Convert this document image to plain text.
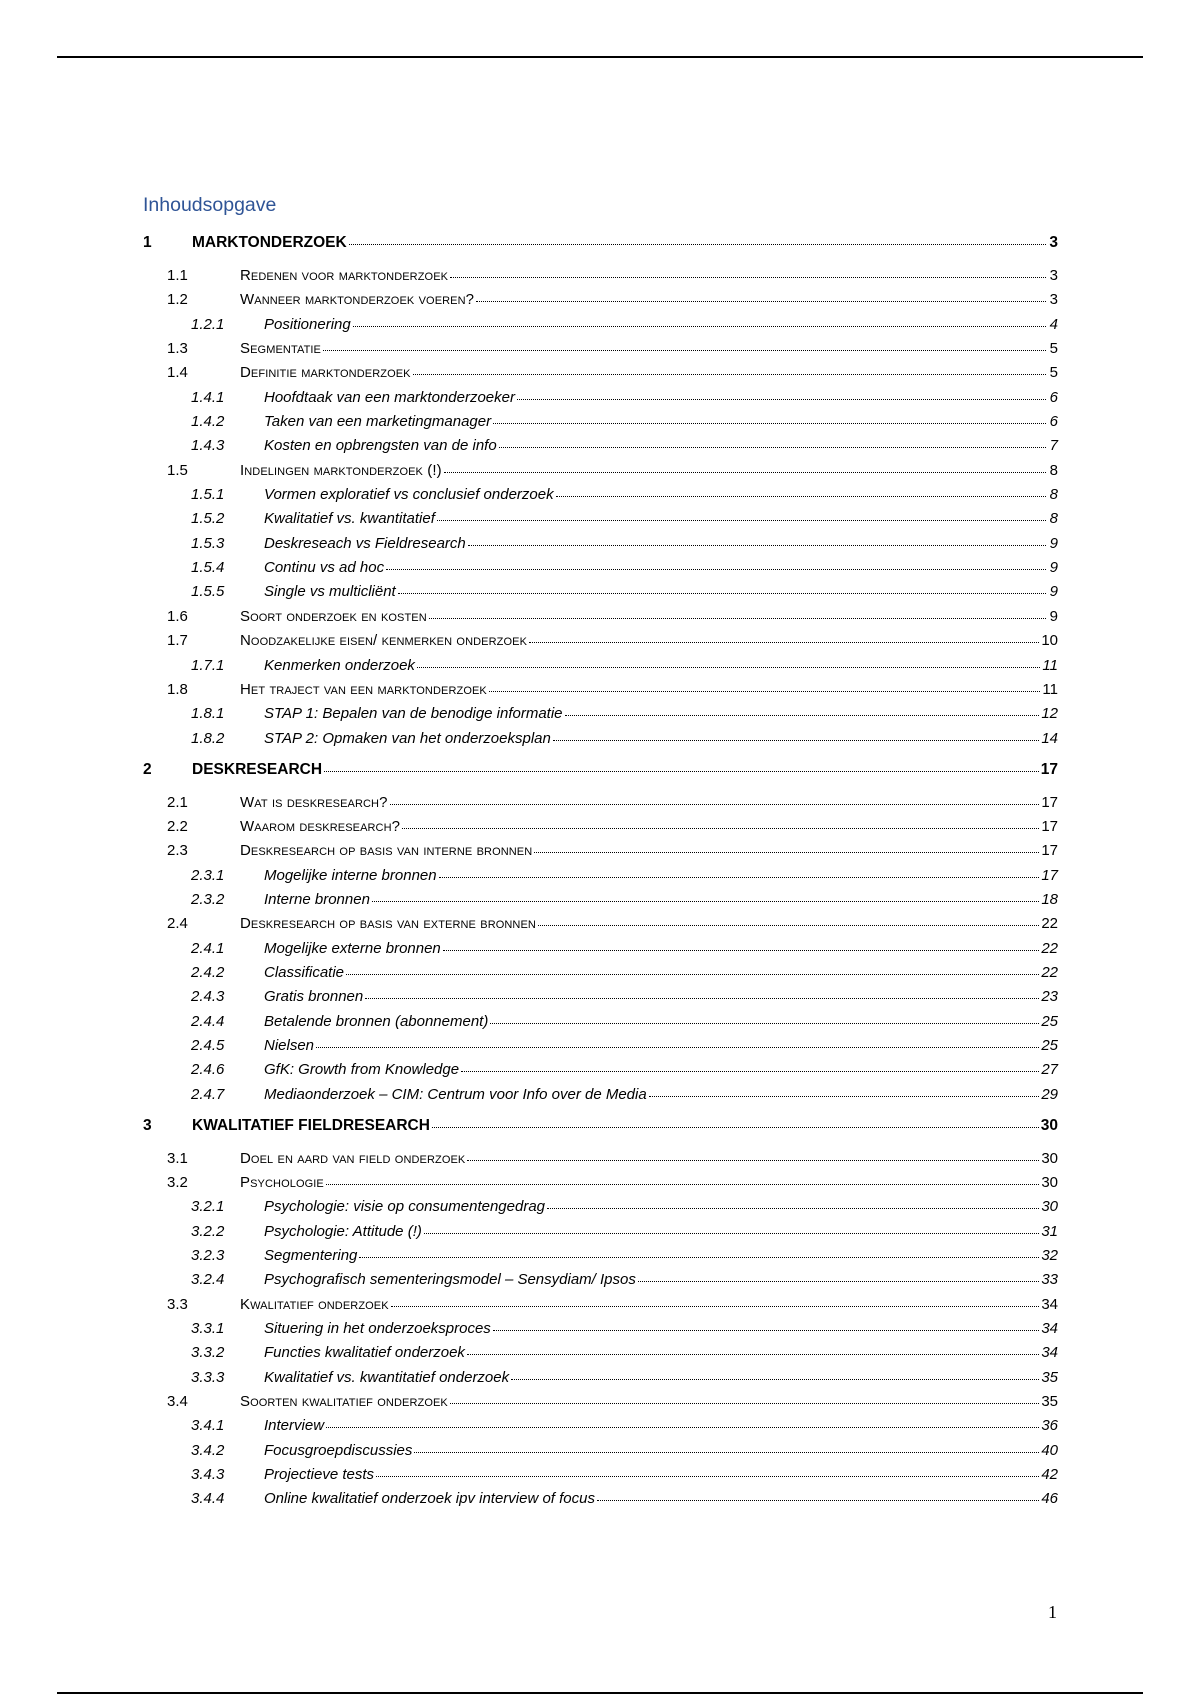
Inhoudsopgave
1	MARKTONDERZOEK	3
1.1	Redenen voor marktonderzoek	3
1.2	Wanneer marktonderzoek voeren?	3
1.2.1	Positionering	4
1.3	Segmentatie	5
1.4	Definitie marktonderzoek	5
1.4.1	Hoofdtaak van een marktonderzoeker	6
1.4.2	Taken van een marketingmanager	6
1.4.3	Kosten en opbrengsten van de info	7
1.5	Indelingen marktonderzoek (!)	8
1.5.1	Vormen exploratief vs conclusief onderzoek	8
1.5.2	Kwalitatief vs. kwantitatief	8
1.5.3	Deskreseach vs Fieldresearch	9
1.5.4	Continu vs ad hoc	9
1.5.5	Single vs multicliënt	9
1.6	Soort onderzoek en kosten	9
1.7	Noodzakelijke eisen/ kenmerken onderzoek	10
1.7.1	Kenmerken onderzoek	11
1.8	Het traject van een marktonderzoek	11
1.8.1	STAP 1: Bepalen van de benodige informatie	12
1.8.2	STAP 2: Opmaken van het onderzoeksplan	14
2	DESKRESEARCH	17
2.1	Wat is deskresearch?	17
2.2	Waarom deskresearch?	17
2.3	Deskresearch op basis van interne bronnen	17
2.3.1	Mogelijke interne bronnen	17
2.3.2	Interne bronnen	18
2.4	Deskresearch op basis van externe bronnen	22
2.4.1	Mogelijke externe bronnen	22
2.4.2	Classificatie	22
2.4.3	Gratis bronnen	23
2.4.4	Betalende bronnen (abonnement)	25
2.4.5	Nielsen	25
2.4.6	GfK: Growth from Knowledge	27
2.4.7	Mediaonderzoek – CIM: Centrum voor Info over de Media	29
3	KWALITATIEF FIELDRESEARCH	30
3.1	Doel en aard van field onderzoek	30
3.2	Psychologie	30
3.2.1	Psychologie: visie op consumentengedrag	30
3.2.2	Psychologie: Attitude (!)	31
3.2.3	Segmentering	32
3.2.4	Psychografisch sementeringsmodel – Sensydiam/ Ipsos	33
3.3	Kwalitatief onderzoek	34
3.3.1	Situering in het onderzoeksproces	34
3.3.2	Functies kwalitatief onderzoek	34
3.3.3	Kwalitatief vs. kwantitatief onderzoek	35
3.4	Soorten kwalitatief onderzoek	35
3.4.1	Interview	36
3.4.2	Focusgroepdiscussies	40
3.4.3	Projectieve tests	42
3.4.4	Online kwalitatief onderzoek ipv interview of focus	46
1
